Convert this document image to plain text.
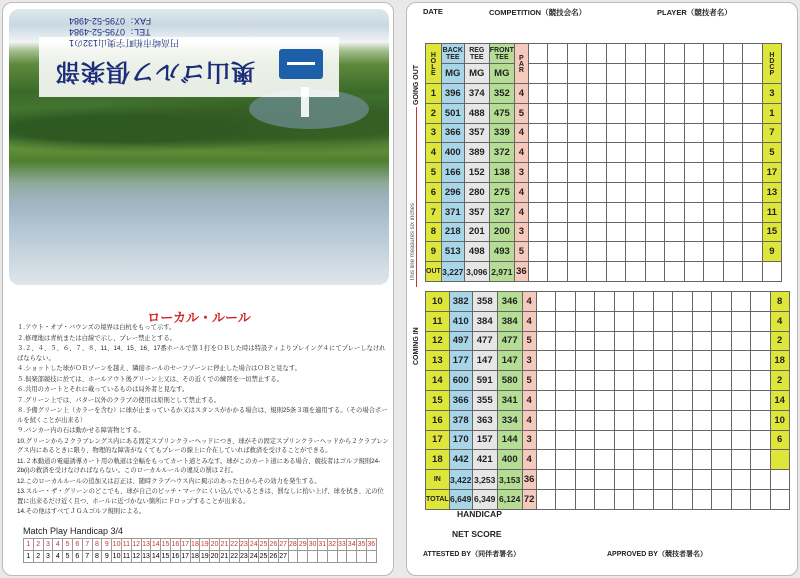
奥山ゴルフ倶楽部
円高崎市柏町字奥山132の1
TEL：0795-52-4984
FAX：0795-52-4984
ローカル・ルール
１.アウト・オブ・バウンズの境界は白杭をもって示す。
２.修理地は青杭または白線で示し、プレー禁止とする。
３.２、４、５、６、７、８、11、14、15、16、17番ホールで第１打をＯＢした時は特設ティよりプレイング４にてプレーしなければならない。
４.ショットした球がＯＢゾーンを越え、隣接ホールのセーフゾーンに停止した場合はＯＢと見なす。
５.倶楽部競技に於ては、ホールアウト後グリーン上又は、その近くでの練習を一切禁止する。
６.共用のカートとそれに載っているものは局外者と見なす。
７.グリーン上では、パター以外のクラブの使用は原則として禁止する。
８.予備グリーン上（カラーを含む）に球が止まっているか又はスタンスがかかる場合は、規則25条３項を適用する。（その場合ボールを拭くことが出来る）
９.バンカー内の石は動かせる障害物とする。
10.グリーンから２クラブレングス内にある固定スプリンクラーヘッドにつき、球がその固定スプリンクラーヘッドから２クラブレングス内にあるときに限り、物理的な障害がなくてもプレーの線上に介在していれば救済を受けることができる。
11.２本動道の電磁誘導カート用の軌道は全幅をもってカート道とみなす。球がこのカート道にある場合、競技者はゴルフ規則24-2b(i)の救済を受けなければならない。このローカルルールの違反の罰は２打。
12.このローカルルールの追加又は訂正は、随時クラブハウス内に掲示のあった日からその効力を発生する。
13.スルー・ザ・グリーンのどこでも、球が自己のピッチ・マークにくい込んでいるときは、罰なしに拾い上げ、球を拭き、元の位置に出来るだけ近く且つ、ホールに近づかない箇所にドロップすることが出来る。
14.その他はすべてＪＧＡゴルフ規則による。
Match Play Handicap 3/4
1	2	3	4	5	6	7	8	9	10	11	12	13	14	15	16	17	18	19	20	21	22	23	24	25	26	27	28	29	30	31	32	33	34	35	36
1	2	3	4	5	6	7	8	9	10	11	12	13	14	15	16	17	18	19	20	21	22	23	24	25	26	27									
DATE	COMPETITION（競技会名）	PLAYER（競技者名）
GOING OUT
This line measures six inches
COMING IN
HOLE	BACK TEE	REG TEE	FRONT TEE	PAR													HDCP
	MG	MG	MG														
1	396	374	352	4													3
2	501	488	475	5													1
3	366	357	339	4													7
4	400	389	372	4													5
5	166	152	138	3													17
6	296	280	275	4													13
7	371	357	327	4													11
8	218	201	200	3													15
9	513	498	493	5													9
OUT	3,227	3,096	2,971	36													
10	382	358	346	4													8
11	410	384	384	4													4
12	497	477	477	5													2
13	177	147	147	3													18
14	600	591	580	5													2
15	366	355	341	4													14
16	378	363	334	4													10
17	170	157	144	3													6
18	442	421	400	4													
IN	3,422	3,253	3,153	36													
TOTAL	6,649	6,349	6,124	72													
HANDICAP
NET SCORE
ATTESTED BY（同伴者署名）	APPROVED BY（競技者署名）
